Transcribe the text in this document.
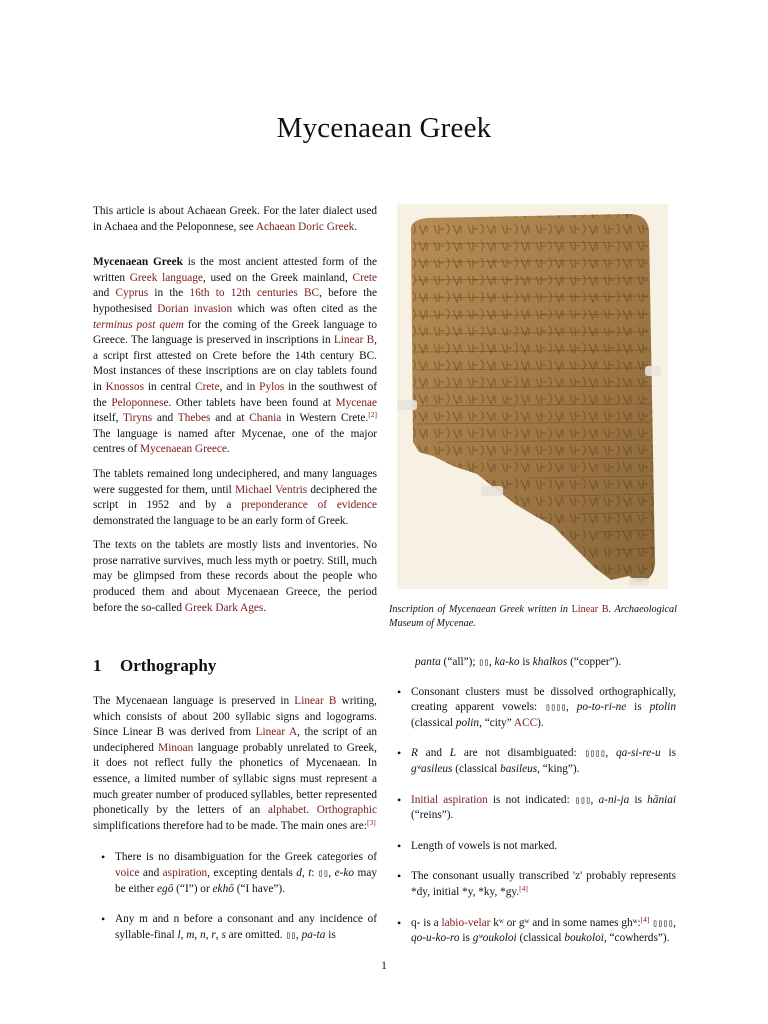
Mycenaean Greek

This article is about Achaean Greek. For the later dialect used in Achaea and the Peloponnese, see Achaean Doric Greek.

Mycenaean Greek is the most ancient attested form of the written Greek language, used on the Greek mainland, Crete and Cyprus in the 16th to 12th centuries BC, before the hypothesised Dorian invasion which was often cited as the terminus post quem for the coming of the Greek language to Greece. The language is preserved in inscriptions in Linear B, a script first attested on Crete before the 14th century BC. Most instances of these inscriptions are on clay tablets found in Knossos in central Crete, and in Pylos in the southwest of the Peloponnese. Other tablets have been found at Mycenae itself, Tiryns and Thebes and at Chania in Western Crete.[2] The language is named after Mycenae, one of the major centres of Mycenaean Greece.

The tablets remained long undeciphered, and many languages were suggested for them, until Michael Ventris deciphered the script in 1952 and by a preponderance of evidence demonstrated the language to be an early form of Greek.

The texts on the tablets are mostly lists and inventories. No prose narrative survives, much less myth or poetry. Still, much may be glimpsed from these records about the people who produced them and about Mycenaean Greece, the period before the so-called Greek Dark Ages.	Inscription of Mycenaean Greek written in Linear B. Archaeological Museum of Mycenae.
1 Orthography

The Mycenaean language is preserved in Linear B writing, which consists of about 200 syllabic signs and logograms. Since Linear B was derived from Linear A, the script of an undeciphered Minoan language probably unrelated to Greek, it does not reflect fully the phonetics of Mycenaean. In essence, a limited number of syllabic signs must represent a much greater number of produced syllables, better represented phonetically by the letters of an alphabet. Orthographic simplifications therefore had to be made. The main ones are:[3]

• There is no disambiguation for the Greek categories of voice and aspiration, excepting dentals d, t: ▯▯, e-ko may be either egō (“I”) or ekhō (“I have”).
• Any m and n before a consonant and any incidence of syllable-final l, m, n, r, s are omitted. ▯▯, pa-ta is

panta (“all”); ▯▯, ka-ko is khalkos (“copper”).

• Consonant clusters must be dissolved orthographically, creating apparent vowels: ▯▯▯▯, po-to-ri-ne is ptolin (classical polin, “city” ACC).
• R and L are not disambiguated: ▯▯▯▯, qa-si-re-u is gʷasileus (classical basileus, “king”).
• Initial aspiration is not indicated: ▯▯▯, a-ni-ja is hāniai (“reins”).
• Length of vowels is not marked.
• The consonant usually transcribed 'z' probably represents *dy, initial *y, *ky, *gy.[4]
• q- is a labio-velar kʷ or gʷ and in some names ghʷ:[4] ▯▯▯▯, qo-u-ko-ro is gʷoukoloi (classical boukoloi, “cowherds”).
1
